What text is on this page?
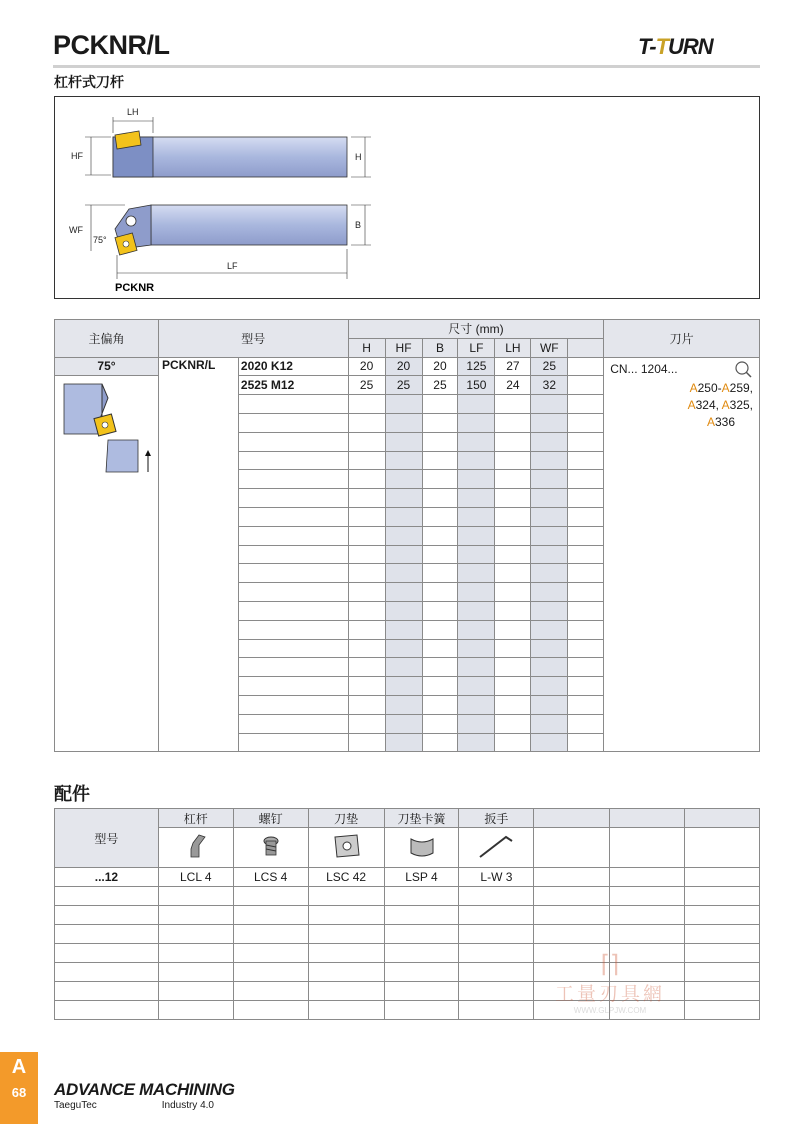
PCKNR/L	T-TURN
杠杆式刀杆
LH
HF	H
WF
75°
B
LF
PCKNR
主偏角	型号		尺寸 (mm)							刀片
			H	HF	B	LF	LH	WF		
75°	PCKNR/L	2020 K12	20	20	20	125	27	25		CN... 1204...
A250-A259,
A324, A325,
A336

	2525 M12	25	25	25	150	24	32		

配件
型号	杠杆	螺钉	刀垫	刀垫卡簧	扳手			

...12	LCL 4	LCS 4	LSC 42	LSP 4	L-W 3			

⌈⌉
工量刃具網
WWW.GLPJW.COM
A
68	ADVANCE MACHINING
TaeguTec	Industry 4.0
